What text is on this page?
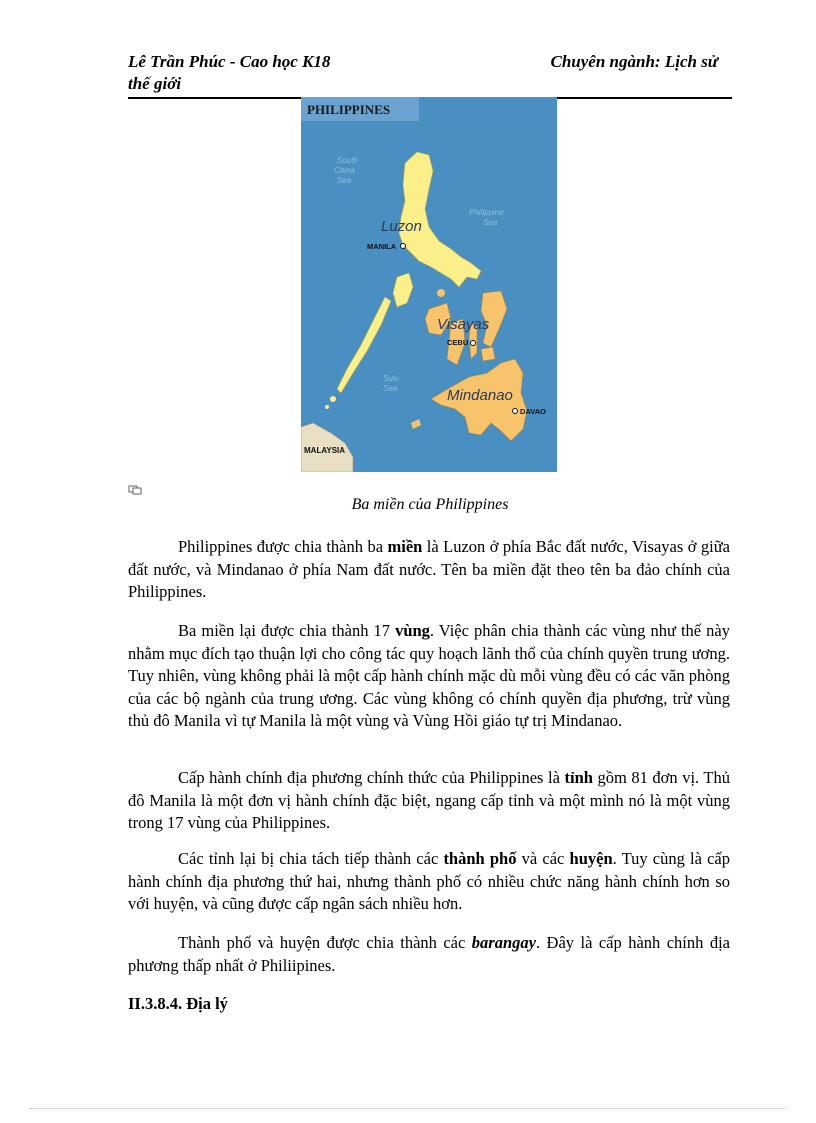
Lê Trần Phúc - Cao học K18	Chuyên ngành: Lịch sử
thế giới
PHILIPPINES
South China Sea
Philippine Sea
Sulu Sea
Luzon
Visayas
Mindanao
MANILA
CEBU
DAVAO
MALAYSIA
Ba miền của Philippines

Philippines được chia thành ba miền là Luzon ở phía Bắc đất nước, Visayas ở giữa đất nước, và Mindanao ở phía Nam đất nước. Tên ba miền đặt theo tên ba đảo chính của Philippines.

Ba miền lại được chia thành 17 vùng. Việc phân chia thành các vùng như thế này nhằm mục đích tạo thuận lợi cho công tác quy hoạch lãnh thổ của chính quyền trung ương. Tuy nhiên, vùng không phải là một cấp hành chính mặc dù mỗi vùng đều có các văn phòng của các bộ ngành của trung ương. Các vùng không có chính quyền địa phương, trừ vùng thủ đô Manila vì tự Manila là một vùng và Vùng Hồi giáo tự trị Mindanao.

Cấp hành chính địa phương chính thức của Philippines là tỉnh gồm 81 đơn vị. Thủ đô Manila là một đơn vị hành chính đặc biệt, ngang cấp tỉnh và một mình nó là một vùng trong 17 vùng của Philippines.

Các tỉnh lại bị chia tách tiếp thành các thành phố và các huyện. Tuy cùng là cấp hành chính địa phương thứ hai, nhưng thành phố có nhiều chức năng hành chính hơn so với huyện, và cũng được cấp ngân sách nhiều hơn.

Thành phố và huyện được chia thành các barangay. Đây là cấp hành chính địa phương thấp nhất ở Philiipines.

II.3.8.4. Địa lý
